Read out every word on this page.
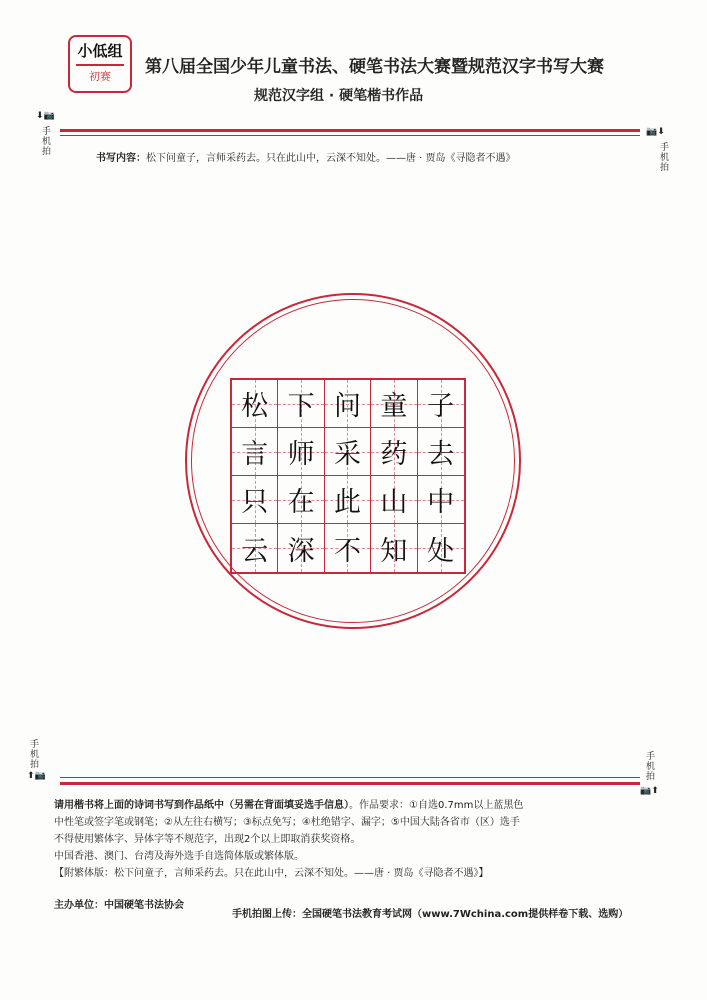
小低组
初赛	第八届全国少年儿童书法、硬笔书法大赛暨规范汉字书写大赛
规范汉字组 · 硬笔楷书作品
⬇📷
手机拍
📷⬇
手机拍
书写内容：松下问童子，言师采药去。只在此山中，云深不知处。——唐 · 贾岛《寻隐者不遇》
松 下 问 童 子
言 师 采 药 去
只 在 此 山 中
云 深 不 知 处
手机拍
⬆📷
手机拍
📷⬆
请用楷书将上面的诗词书写到作品纸中（另需在背面填妥选手信息）。作品要求：①自选0.7mm以上蓝黑色
中性笔或签字笔或钢笔；②从左往右横写；③标点免写；④杜绝错字、漏字；⑤中国大陆各省市（区）选手
不得使用繁体字、异体字等不规范字，出现2个以上即取消获奖资格。
中国香港、澳门、台湾及海外选手自选简体版或繁体版。
【附繁体版：松下问童子，言师采药去。只在此山中，云深不知处。——唐 · 贾岛《寻隐者不遇》】
主办单位：中国硬笔书法协会
手机拍图上传：全国硬笔书法教育考试网（www.7Wchina.com提供样卷下载、选购）
